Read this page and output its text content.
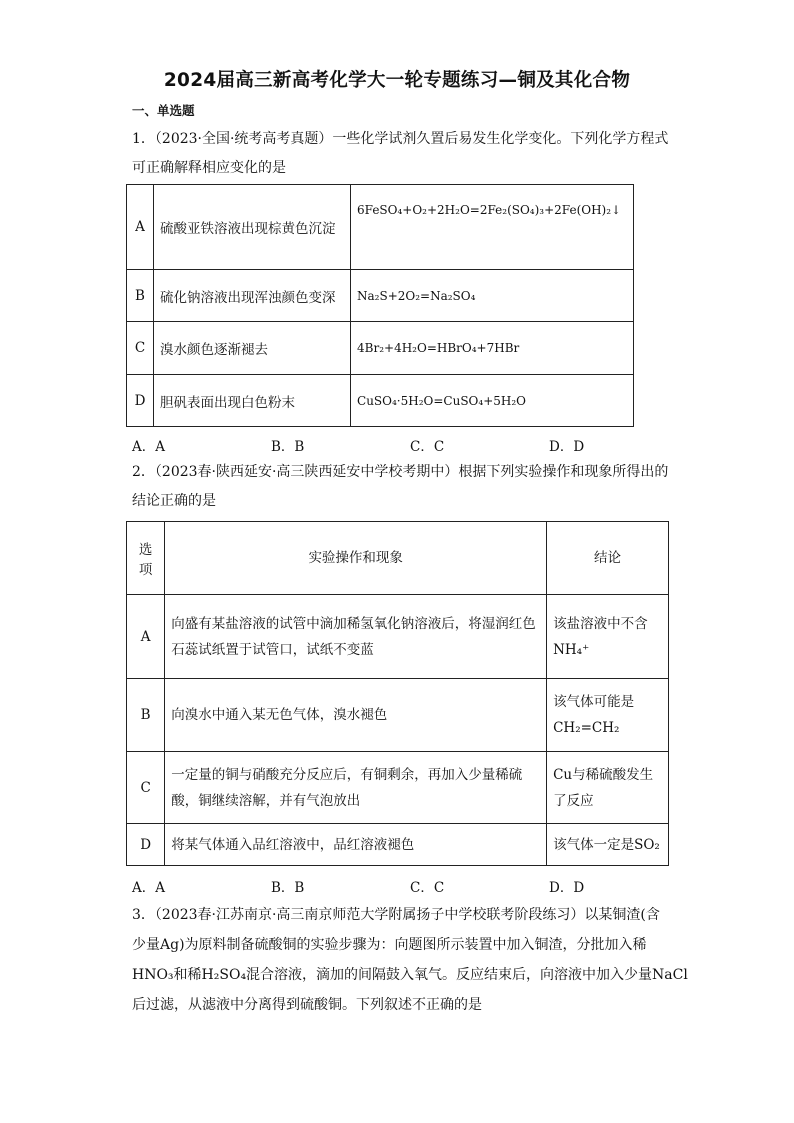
2024届高三新高考化学大一轮专题练习—铜及其化合物
一、单选题
1．（2023·全国·统考高考真题）一些化学试剂久置后易发生化学变化。下列化学方程式
可正确解释相应变化的是
A	硫酸亚铁溶液出现棕黄色沉淀	6FeSO₄+O₂+2H₂O=2Fe₂(SO₄)₃+2Fe(OH)₂↓
B	硫化钠溶液出现浑浊颜色变深	Na₂S+2O₂=Na₂SO₄
C	溴水颜色逐渐褪去	4Br₂+4H₂O=HBrO₄+7HBr
D	胆矾表面出现白色粉末	CuSO₄·5H₂O=CuSO₄+5H₂O
A．A	B．B	C．C	D．D
2．（2023春·陕西延安·高三陕西延安中学校考期中）根据下列实验操作和现象所得出的
结论正确的是
选项	实验操作和现象	结论
A	向盛有某盐溶液的试管中滴加稀氢氧化钠溶液后，将湿润红色石蕊试纸置于试管口，试纸不变蓝	该盐溶液中不含NH₄⁺
B	向溴水中通入某无色气体，溴水褪色	该气体可能是CH₂=CH₂
C	一定量的铜与硝酸充分反应后，有铜剩余，再加入少量稀硫酸，铜继续溶解，并有气泡放出	Cu与稀硫酸发生了反应
D	将某气体通入品红溶液中，品红溶液褪色	该气体一定是SO₂
A．A	B．B	C．C	D．D
3．（2023春·江苏南京·高三南京师范大学附属扬子中学校联考阶段练习）以某铜渣(含
少量Ag)为原料制备硫酸铜的实验步骤为：向题图所示装置中加入铜渣，分批加入稀
HNO₃和稀H₂SO₄混合溶液，滴加的间隔鼓入氧气。反应结束后，向溶液中加入少量NaCl
后过滤，从滤液中分离得到硫酸铜。下列叙述不正确的是
